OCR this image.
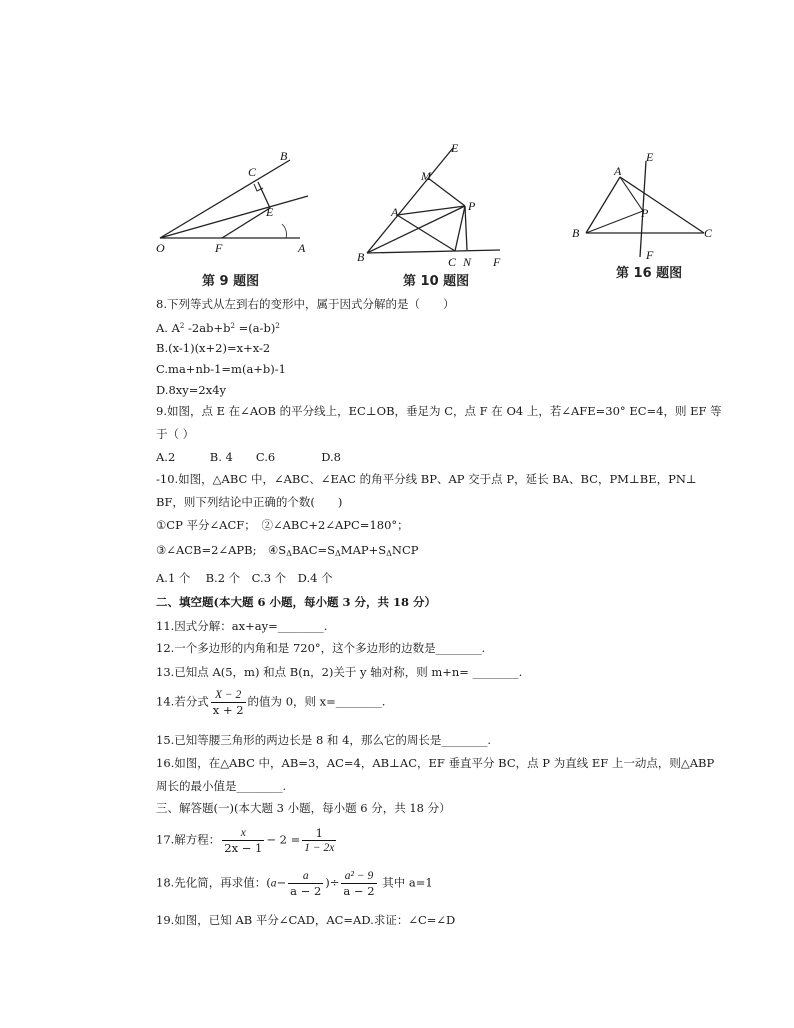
C
B
E
O	F	A
第 9 题图
E
M
A	P
B	C N F
第 10 题图
A
E
P
B	C
F
第 16 题图
8.下列等式从左到右的变形中，属于因式分解的是（　　）
A. $A^2$ $-2ab+b^2 =(a-b)^2$
B.(x-1)(x+2)=x+x-2
C.ma+nb-1=m(a+b)-1
D.8xy=2x4y
9.如图，点 E 在∠AOB 的平分线上，EC⊥OB，垂足为 C，点 F 在 O4 上，若∠AFE=30° EC=4，则 EF 等
于（ ）
A.2　　　B. 4　　C.6　　　　D.8
-10.如图，△ABC 中，∠ABC、∠EAC 的角平分线 BP、AP 交于点 P，延长 BA、BC，PM⊥BE，PN⊥
BF，则下列结论中正确的个数(　　)
①CP 平分∠ACF；　②∠ABC+2∠APC=180°；
③∠ACB=2∠APB;　$④S_\Delta BAC=S_\Delta MAP+S_\Delta NCP$
A.1 个　 B.2 个　C.3 个　D.4 个
二、填空题(本大题 6 小题，每小题 3 分，共 18 分）
11.因式分解：ax+ay=________.
12.一个多边形的内角和是 720°，这个多边形的边数是________.
13.已知点 A(5，m) 和点 B(n，2)关于 y 轴对称，则 m+n= ________.
14.若分式 $\frac{X - 2}{x + 2}$ 的值为 0，则 x=________.
15.已知等腰三角形的两边长是 8 和 4，那么它的周长是________.
16.如图，在△ABC 中，AB=3，AC=4，AB⊥AC，EF 垂直平分 BC，点 P 为直线 EF 上一动点，则△ABP
周长的最小值是________.
三、解答题(一)(本大题 3 小题，每小题 6 分，共 18 分）
17.解方程： $\frac{x}{2x - 1} - 2 = \frac{1}{1 - 2x}$
18.先化简，再求值：($a- \frac{a}{a - 2}$ )÷ $\frac{\text{a² − 9}}{a - 2}$ 其中 a=1
19.如图，已知 AB 平分∠CAD，AC=AD.求证：∠C=∠D
